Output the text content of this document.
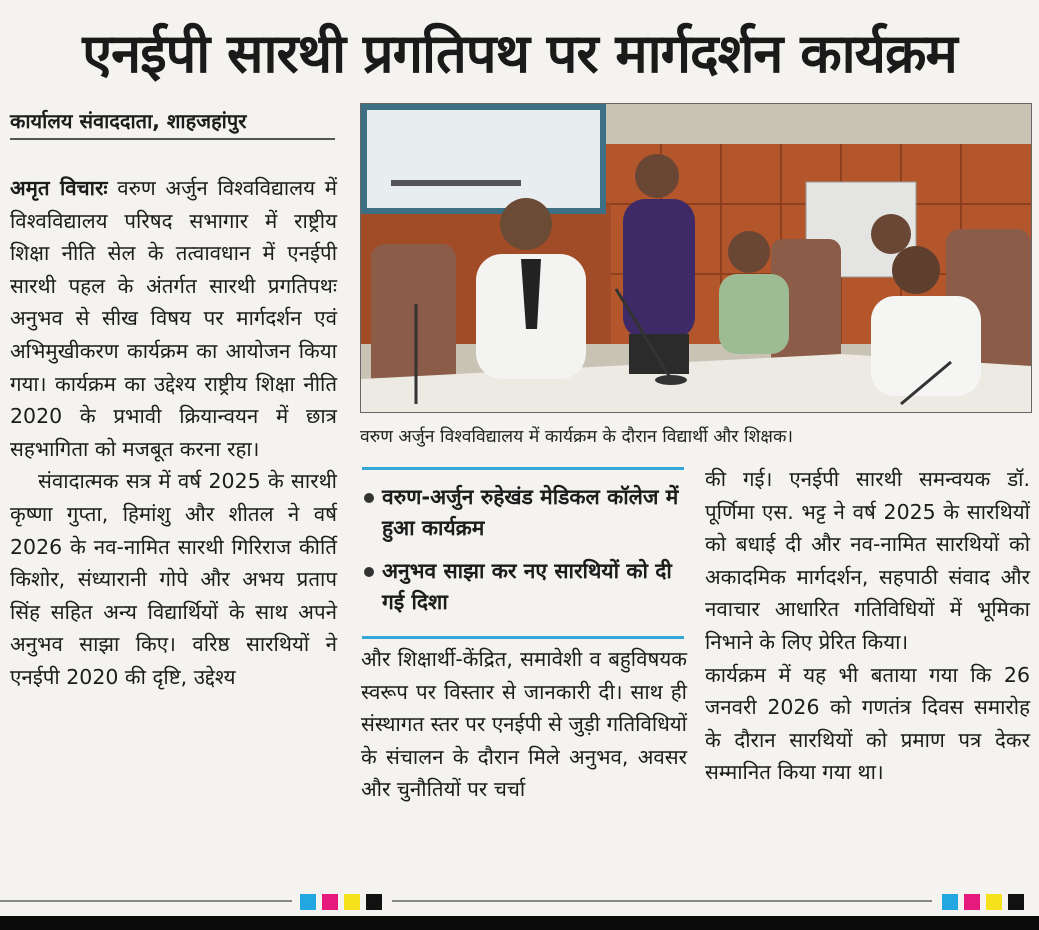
एनईपी सारथी प्रगतिपथ पर मार्गदर्शन कार्यक्रम
कार्यालय संवाददाता, शाहजहांपुर

अमृत विचारः वरुण अर्जुन विश्वविद्यालय में विश्वविद्यालय परिषद सभागार में राष्ट्रीय शिक्षा नीति सेल के तत्वावधान में एनईपी सारथी पहल के अंतर्गत सारथी प्रगतिपथः अनुभव से सीख विषय पर मार्गदर्शन एवं अभिमुखीकरण कार्यक्रम का आयोजन किया गया। कार्यक्रम का उद्देश्य राष्ट्रीय शिक्षा नीति 2020 के प्रभावी क्रियान्वयन में छात्र सहभागिता को मजबूत करना रहा।

संवादात्मक सत्र में वर्ष 2025 के सारथी कृष्णा गुप्ता, हिमांशु और शीतल ने वर्ष 2026 के नव-नामित सारथी गिरिराज कीर्ति किशोर, संध्यारानी गोपे और अभय प्रताप सिंह सहित अन्य विद्यार्थियों के साथ अपने अनुभव साझा किए। वरिष्ठ सारथियों ने एनईपी 2020 की दृष्टि, उद्देश्य

वरुण अर्जुन विश्वविद्यालय में कार्यक्रम के दौरान विद्यार्थी और शिक्षक।
वरुण-अर्जुन रुहेखंड मेडिकल कॉलेज में हुआ कार्यक्रम
अनुभव साझा कर नए सारथियों को दी गई दिशा

और शिक्षार्थी-केंद्रित, समावेशी व बहुविषयक स्वरूप पर विस्तार से जानकारी दी। साथ ही संस्थागत स्तर पर एनईपी से जुड़ी गतिविधियों के संचालन के दौरान मिले अनुभव, अवसर और चुनौतियों पर चर्चा

की गई। एनईपी सारथी समन्वयक डॉ. पूर्णिमा एस. भट्ट ने वर्ष 2025 के सारथियों को बधाई दी और नव-नामित सारथियों को अकादमिक मार्गदर्शन, सहपाठी संवाद और नवाचार आधारित गतिविधियों में भूमिका निभाने के लिए प्रेरित किया।

कार्यक्रम में यह भी बताया गया कि 26 जनवरी 2026 को गणतंत्र दिवस समारोह के दौरान सारथियों को प्रमाण पत्र देकर सम्मानित किया गया था।
